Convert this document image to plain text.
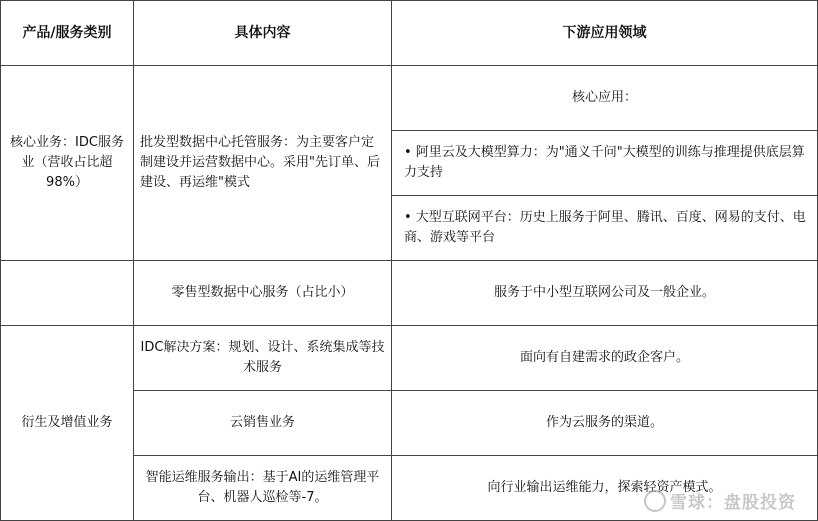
产品/服务类别	具体内容	下游应用领域
核心业务：IDC服务业（营收占比超98%）	批发型数据中心托管服务：为主要客户定制建设并运营数据中心。采用"先订单、后建设、再运维"模式	核心应用：
		• 阿里云及大模型算力：为"通义千问"大模型的训练与推理提供底层算力支持
		• 大型互联网平台：历史上服务于阿里、腾讯、百度、网易的支付、电商、游戏等平台
	零售型数据中心服务（占比小）	服务于中小型互联网公司及一般企业。
衍生及增值业务	IDC解决方案：规划、设计、系统集成等技术服务	面向有自建需求的政企客户。
	云销售业务	作为云服务的渠道。
	智能运维服务输出：基于AI的运维管理平台、机器人巡检等-7。	向行业输出运维能力，探索轻资产模式。
雪球：盘股投资
